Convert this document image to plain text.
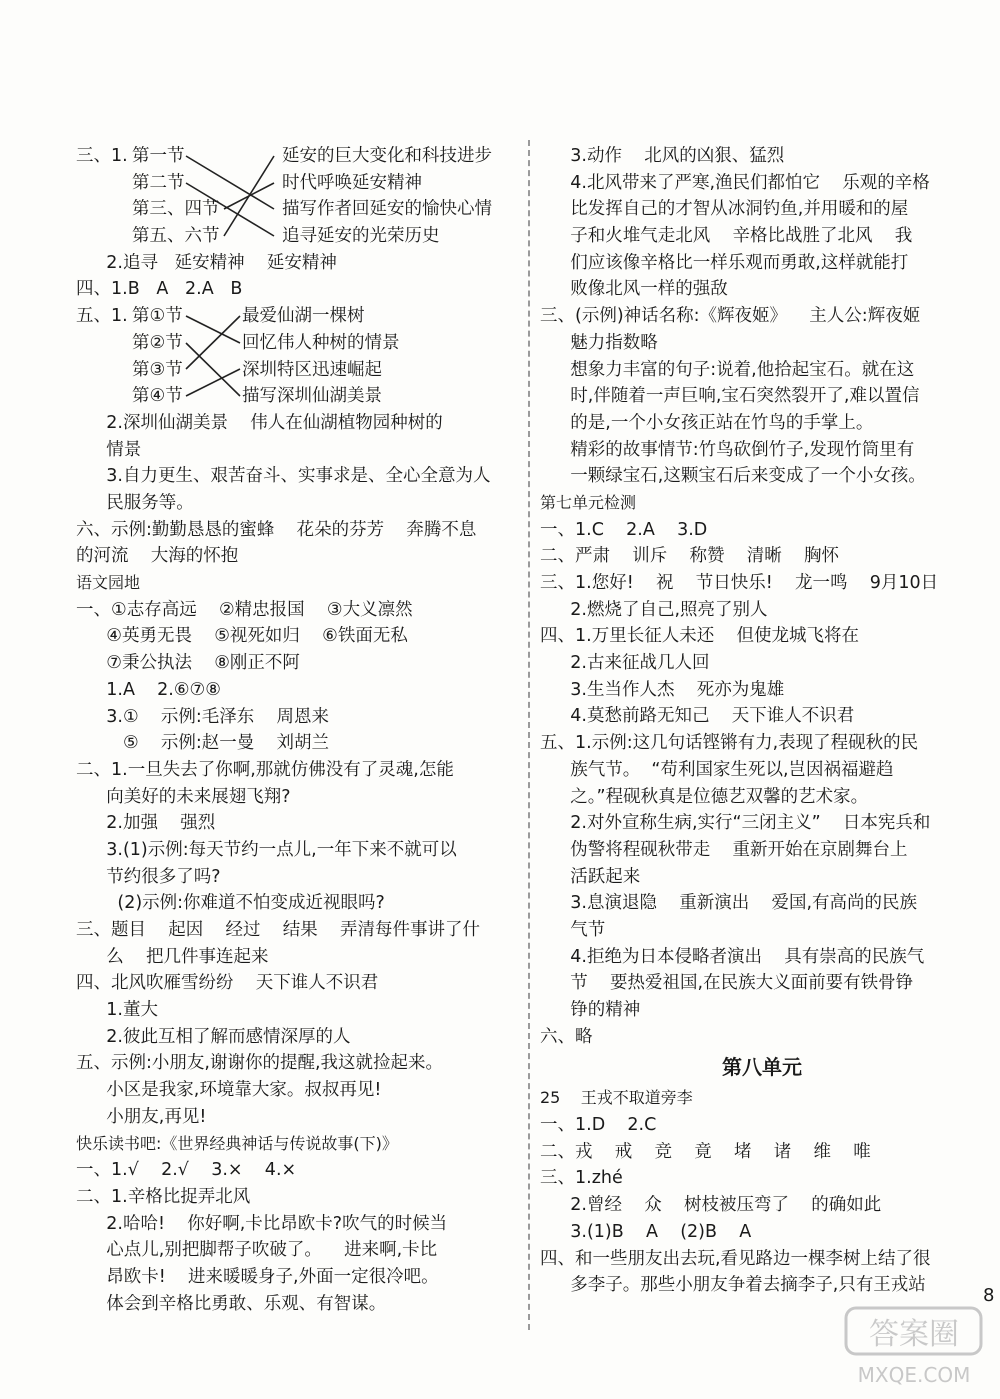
三、1. 第一节
第二节
第三、四节
第五、六节
延安的巨大变化和科技进步
时代呼唤延安精神
描写作者回延安的愉快心情
追寻延安的光荣历史
2.追寻   延安精神    延安精神
四、1.B   A   2.A   B
五、1. 第①节
第②节
第③节
第④节
最爱仙湖一棵树
回忆伟人种树的情景
深圳特区迅速崛起
描写深圳仙湖美景
2.深圳仙湖美景    伟人在仙湖植物园种树的
情景
3.自力更生、艰苦奋斗、实事求是、全心全意为人
民服务等。
六、示例:勤勤恳恳的蜜蜂    花朵的芬芳    奔腾不息
的河流    大海的怀抱
语文园地
一、①志存高远    ②精忠报国    ③大义凛然
④英勇无畏    ⑤视死如归    ⑥铁面无私
⑦秉公执法    ⑧刚正不阿
1.A    2.⑥⑦⑧
3.①    示例:毛泽东    周恩来
⑤    示例:赵一曼    刘胡兰
二、1.一旦失去了你啊,那就仿佛没有了灵魂,怎能
向美好的未来展翅飞翔?
2.加强    强烈
3.(1)示例:每天节约一点儿,一年下来不就可以
节约很多了吗?
(2)示例:你难道不怕变成近视眼吗?
三、题目    起因    经过    结果    弄清每件事讲了什
么    把几件事连起来
四、北风吹雁雪纷纷    天下谁人不识君
1.董大
2.彼此互相了解而感情深厚的人
五、示例:小朋友,谢谢你的提醒,我这就捡起来。
小区是我家,环境靠大家。叔叔再见!
小朋友,再见!
快乐读书吧:《世界经典神话与传说故事(下)》
一、1.√    2.√    3.×    4.×
二、1.辛格比捉弄北风
2.哈哈!    你好啊,卡比昂欧卡?吹气的时候当
心点儿,别把脚帮子吹破了。    进来啊,卡比
昂欧卡!    进来暖暖身子,外面一定很冷吧。
体会到辛格比勇敢、乐观、有智谋。
3.动作    北风的凶狠、猛烈
4.北风带来了严寒,渔民们都怕它    乐观的辛格
比发挥自己的才智从冰洞钓鱼,并用暖和的屋
子和火堆气走北风    辛格比战胜了北风    我
们应该像辛格比一样乐观而勇敢,这样就能打
败像北风一样的强敌
三、(示例)神话名称:《辉夜姬》    主人公:辉夜姬
魅力指数略
想象力丰富的句子:说着,他拾起宝石。就在这
时,伴随着一声巨响,宝石突然裂开了,难以置信
的是,一个小女孩正站在竹鸟的手掌上。
精彩的故事情节:竹鸟砍倒竹子,发现竹筒里有
一颗绿宝石,这颗宝石后来变成了一个小女孩。
第七单元检测
一、1.C    2.A    3.D
二、严肃    训斥    称赞    清晰    胸怀
三、1.您好!    祝    节日快乐!    龙一鸣    9月10日
2.燃烧了自己,照亮了别人
四、1.万里长征人未还    但使龙城飞将在
2.古来征战几人回
3.生当作人杰    死亦为鬼雄
4.莫愁前路无知己    天下谁人不识君
五、1.示例:这几句话铿锵有力,表现了程砚秋的民
族气节。  “苟利国家生死以,岂因祸福避趋
之。”程砚秋真是位德艺双馨的艺术家。
2.对外宣称生病,实行“三闭主义”    日本宪兵和
伪警将程砚秋带走    重新开始在京剧舞台上
活跃起来
3.息演退隐    重新演出    爱国,有高尚的民族
气节
4.拒绝为日本侵略者演出    具有崇高的民族气
节    要热爱祖国,在民族大义面前要有铁骨铮
铮的精神
六、略
第八单元
25    王戎不取道旁李
一、1.D    2.C
二、戎    戒    竞    竟    堵    诸    维    唯
三、1.zhé
2.曾经    众    树枝被压弯了    的确如此
3.(1)B    A    (2)B    A
四、和一些朋友出去玩,看见路边一棵李树上结了很
多李子。那些小朋友争着去摘李子,只有王戎站	8
答案圈
MXQE.COM
